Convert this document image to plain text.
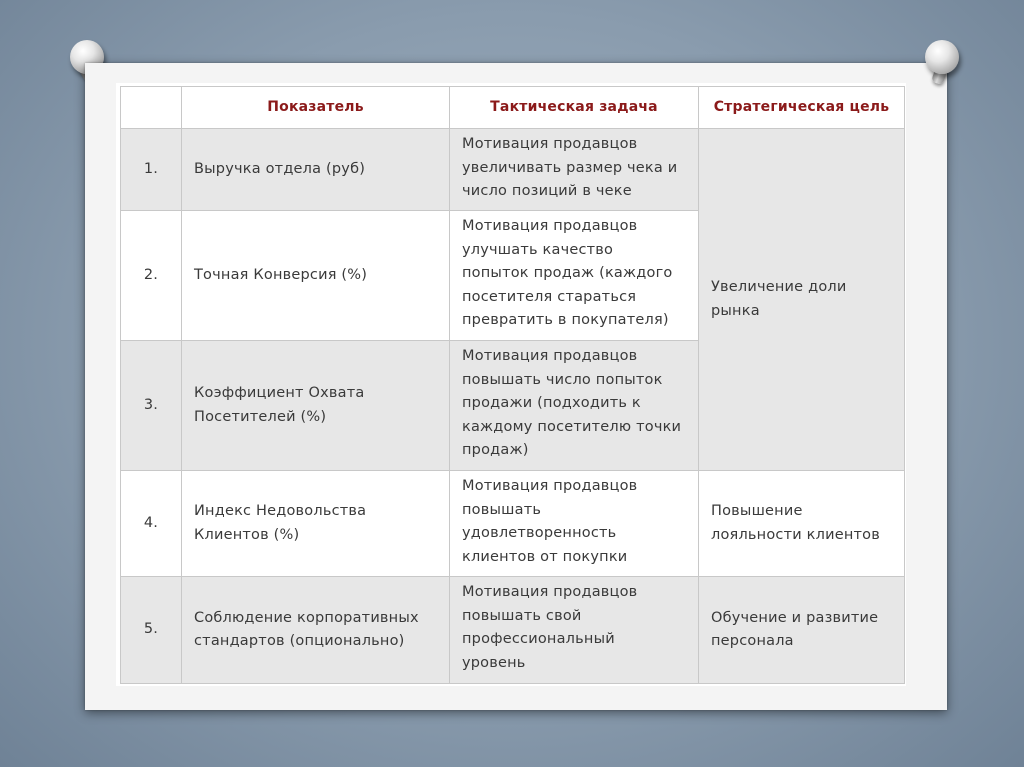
	Показатель	Тактическая задача	Стратегическая цель
1.	Выручка отдела (руб)	Мотивация продавцов
увеличивать размер чека и
число позиций в чеке	Увеличение доли рынка
2.	Точная Конверсия (%)	Мотивация продавцов
улучшать качество
попыток продаж (каждого
посетителя стараться
превратить в покупателя)	

3.	Коэффициент Охвата Посетителей (%)	Мотивация продавцов
повышать число попыток
продажи (подходить к
каждому посетителю точки
продаж)	

4.	Индекс Недовольства Клиентов (%)	Мотивация продавцов
повышать
удовлетворенность
клиентов от покупки	Повышение лояльности клиентов
5.	Соблюдение корпоративных стандартов (опционально)	Мотивация продавцов
повышать свой
профессиональный
уровень	Обучение и развитие персонала
